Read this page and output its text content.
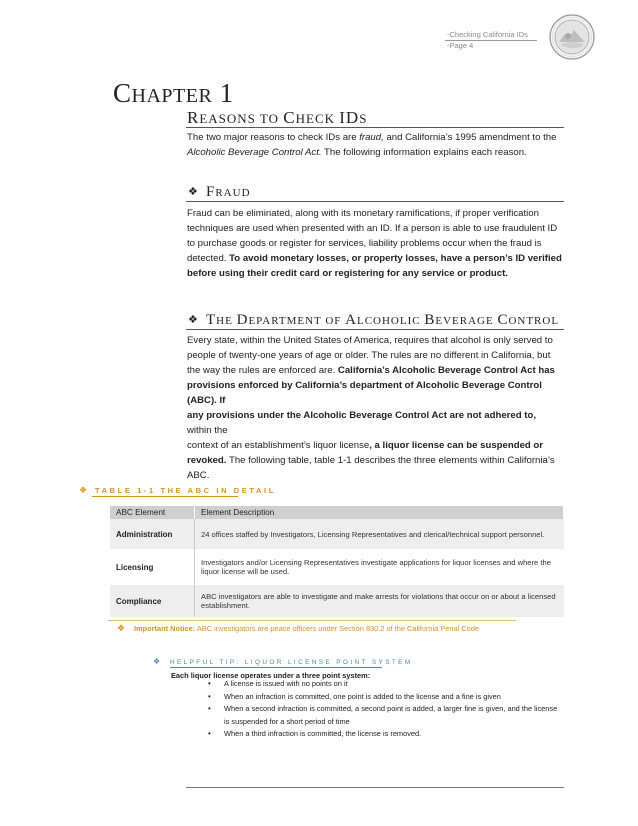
-Checking California IDs
-Page 4
CHAPTER 1
REASONS TO CHECK IDS
The two major reasons to check IDs are fraud, and California’s 1995 amendment to the
Alcoholic Beverage Control Act. The following information explains each reason.
❖ FRAUD
Fraud can be eliminated, along with its monetary ramifications, if proper verification
techniques are used when presented with an ID. If a person is able to use fraudulent ID
to purchase goods or register for services, liability problems occur when the fraud is
detected. To avoid monetary losses, or property losses, have a person’s ID verified
before using their credit card or registering for any service or product.
❖ THE DEPARTMENT OF ALCOHOLIC BEVERAGE CONTROL
Every state, within the United States of America, requires that alcohol is only served to
people of twenty-one years of age or older. The rules are no different in California, but
the way the rules are enforced are. California’s Alcoholic Beverage Control Act has
provisions enforced by California’s department of Alcoholic Beverage Control (ABC). If
any provisions under the Alcoholic Beverage Control Act are not adhered to, within the
context of an establishment’s liquor license, a liquor license can be suspended or
revoked. The following table, table 1-1 describes the three elements within California’s
ABC.
❖ TABLE 1-1 THE ABC IN DETAIL
ABC Element	Element Description
Administration	24 offices staffed by Investigators, Licensing Representatives and clerical/technical support personnel.
Licensing	Investigators and/or Licensing Representatives investigate applications for liquor licenses and where the liquor license will be used.
Compliance	ABC investigators are able to investigate and make arrests for violations that occur on or about a licensed establishment.
❖ Important Notice: ABC investigators are peace officers under Section 830.2 of the California Penal Code
❖ HELPFUL TIP: LIQUOR LICENSE POINT SYSTEM
Each liquor license operates under a three point system:
• A license is issued with no points on it
• When an infraction is committed, one point is added to the license and a fine is given
• When a second infraction is committed, a second point is added, a larger fine is given, and the license is suspended for a short period of time
• When a third infraction is committed, the license is removed.
